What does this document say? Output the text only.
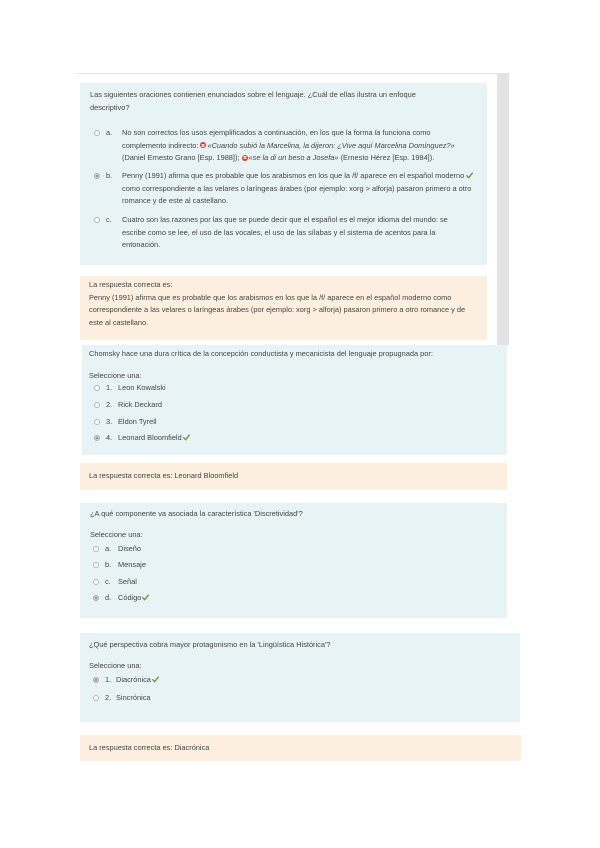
Las siguientes oraciones contienen enunciados sobre el lenguaje. ¿Cuál de ellas ilustra un enfoque descriptivo?
a. No son correctos los usos ejemplificados a continuación, en los que la forma la funciona como complemento indirecto: «Cuando subió la Marcelina, la dijeron: ¿Vive aquí Marcelina Domínguez?» (Daniel Ernesto Grano [Esp. 1988]); «se la di un beso a Josefa» (Ernesto Hérez [Esp. 1984]).
b. Penny (1991) afirma que es probable que los arabismos en los que la /f/ aparece en el español moderno como correspondiente a las velares o laríngeas árabes (por ejemplo: xorg > alforja) pasaron primero a otro romance y de este al castellano.
c. Cuatro son las razones por las que se puede decir que el español es el mejor idioma del mundo: se escribe como se lee, el uso de las vocales, el uso de las sílabas y el sistema de acentos para la entonación.
La respuesta correcta es:
Penny (1991) afirma que es probable que los arabismos en los que la /f/ aparece en el español moderno como correspondiente a las velares o laríngeas árabes (por ejemplo: xorg > alforja) pasaron primero a otro romance y de este al castellano.
Chomsky hace una dura crítica de la concepción conductista y mecanicista del lenguaje propugnada por:
Seleccione una:
1. Leon Kowalski
2. Rick Deckard
3. Eldon Tyrell
4. Leonard Bloomfield
La respuesta correcta es: Leonard Bloomfield
¿A qué componente va asociada la característica 'Discretividad'?
Seleccione una:
a. Diseño
b. Mensaje
c. Señal
d. Código
¿Qué perspectiva cobra mayor protagonismo en la 'Lingüística Histórica'?
Seleccione una:
1. Diacrónica
2. Sincrónica
La respuesta correcta es: Diacrónica
